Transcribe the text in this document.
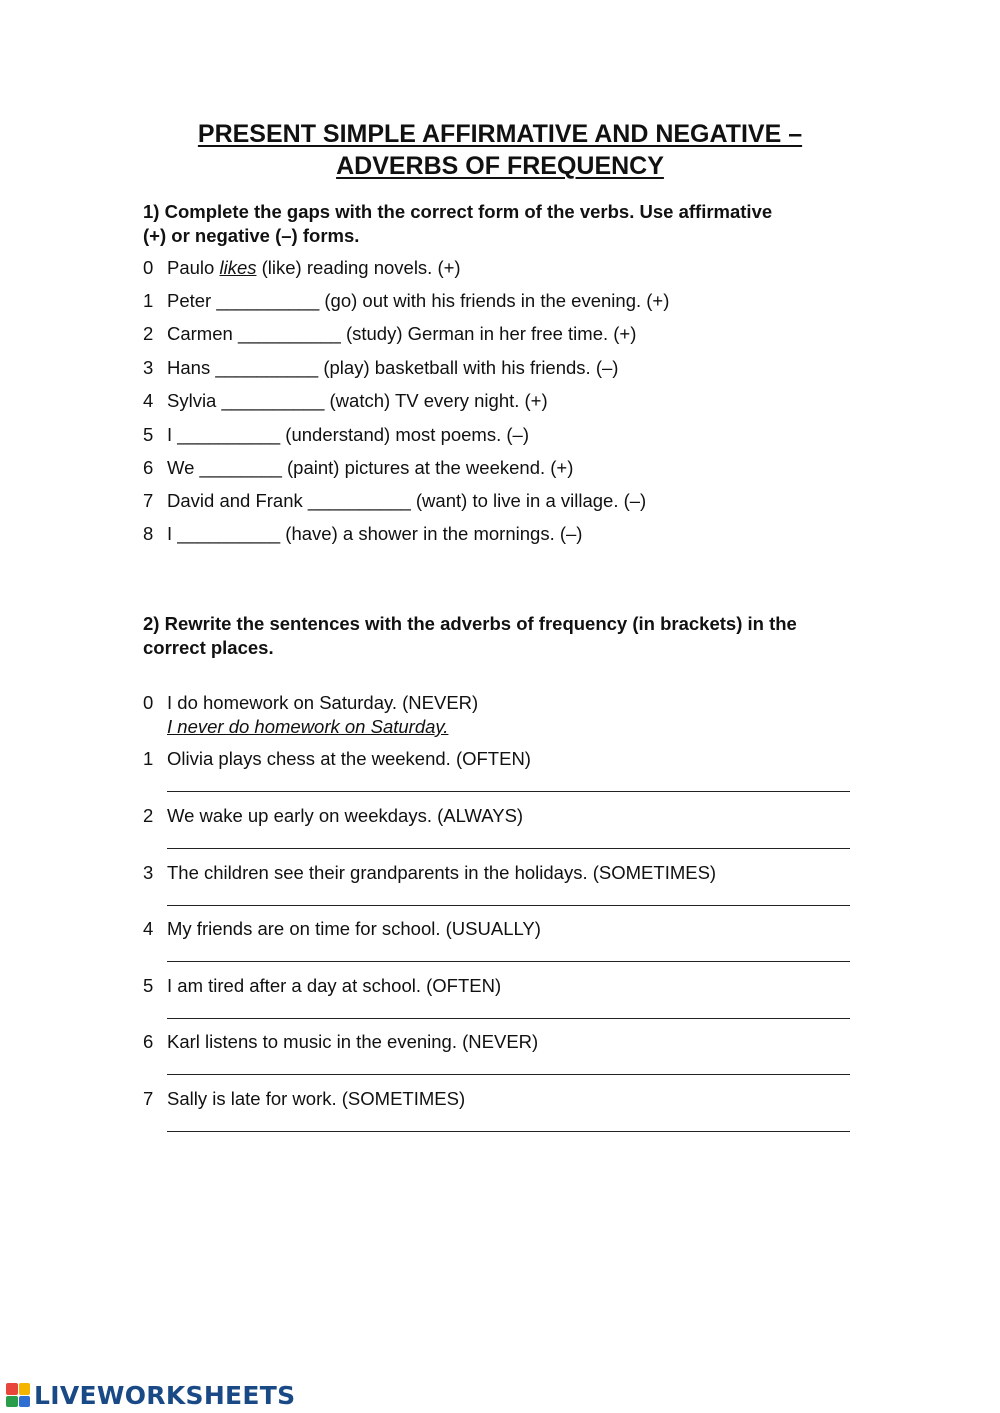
PRESENT SIMPLE AFFIRMATIVE AND NEGATIVE –
ADVERBS OF FREQUENCY
1) Complete the gaps with the correct form of the verbs. Use affirmative
(+) or negative (–) forms.
0 Paulo likes (like) reading novels. (+)
1 Peter __________ (go) out with his friends in the evening. (+)
2 Carmen __________ (study) German in her free time. (+)
3 Hans __________ (play) basketball with his friends. (–)
4 Sylvia __________ (watch) TV every night. (+)
5 I __________ (understand) most poems. (–)
6 We ________ (paint) pictures at the weekend. (+)
7 David and Frank __________ (want) to live in a village. (–)
8 I __________ (have) a shower in the mornings. (–)
2) Rewrite the sentences with the adverbs of frequency (in brackets) in the
correct places.
0 I do homework on Saturday. (NEVER)
I never do homework on Saturday.
1 Olivia plays chess at the weekend. (OFTEN)
2 We wake up early on weekdays. (ALWAYS)
3 The children see their grandparents in the holidays. (SOMETIMES)
4 My friends are on time for school. (USUALLY)
5 I am tired after a day at school. (OFTEN)
6 Karl listens to music in the evening. (NEVER)
7 Sally is late for work. (SOMETIMES)
LIVEWORKSHEETS
